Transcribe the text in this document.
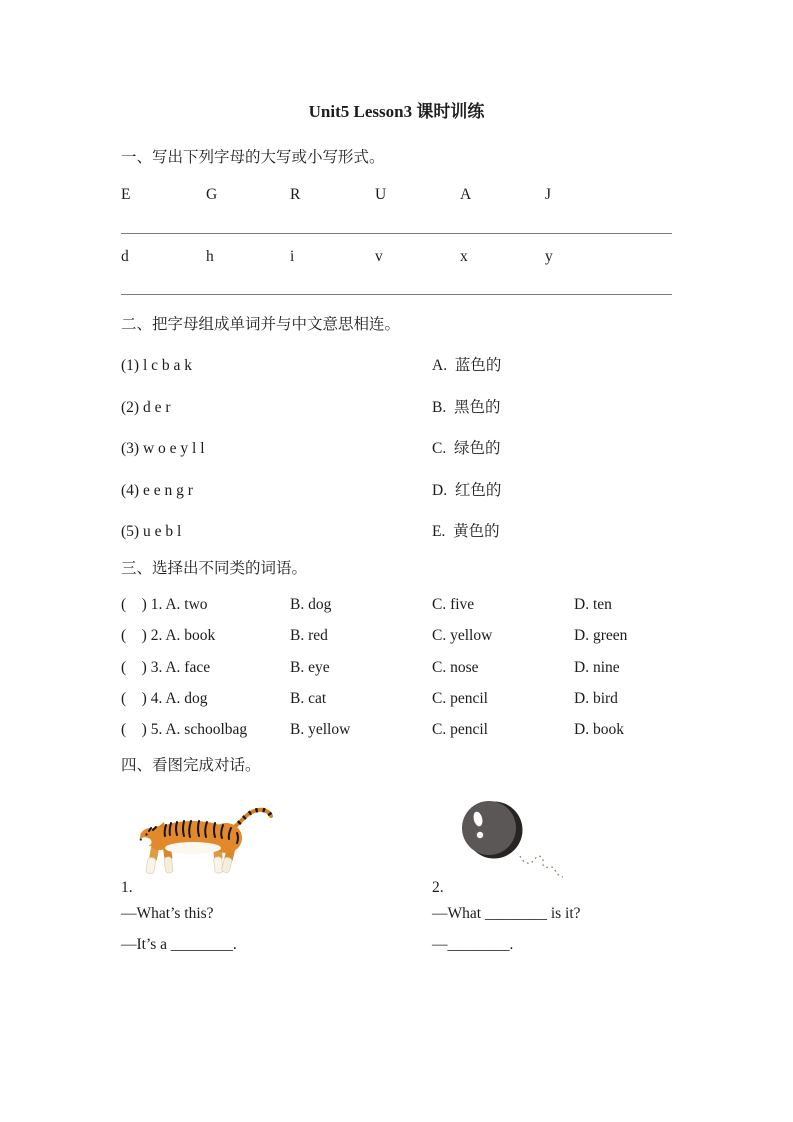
Unit5 Lesson3 课时训练
一、写出下列字母的大写或小写形式。
E	G	R	U	A	J
d	h	i	v	x	y
二、把字母组成单词并与中文意思相连。
(1) l c b a k	A.  蓝色的
(2) d e r	B.  黑色的
(3) w o e y l l	C.  绿色的
(4) e e n g r	D.  红色的
(5) u e b l	E.  黄色的
三、选择出不同类的词语。
(    ) 1. A. two	B. dog	C. five	D. ten
(    ) 2. A. book	B. red	C. yellow	D. green
(    ) 3. A. face	B. eye	C. nose	D. nine
(    ) 4. A. dog	B. cat	C. pencil	D. bird
(    ) 5. A. schoolbag	B. yellow	C. pencil	D. book
四、看图完成对话。
1.
—What’s this?
—It’s a ________.
2.
—What ________ is it?
—________.
